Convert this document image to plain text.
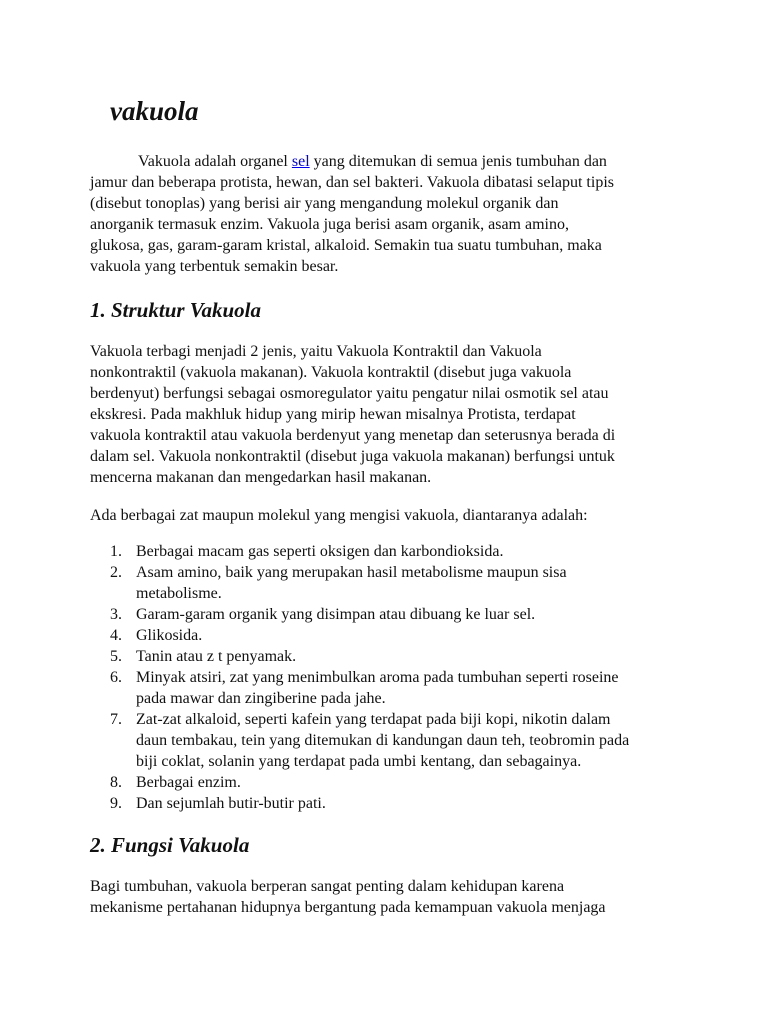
vakuola
Vakuola adalah organel sel yang ditemukan di semua jenis tumbuhan dan
jamur dan beberapa protista, hewan, dan sel bakteri. Vakuola dibatasi selaput tipis
(disebut tonoplas) yang berisi air yang mengandung molekul organik dan
anorganik termasuk enzim. Vakuola juga berisi asam organik, asam amino,
glukosa, gas, garam-garam kristal, alkaloid. Semakin tua suatu tumbuhan, maka
vakuola yang terbentuk semakin besar.
1. Struktur Vakuola
Vakuola terbagi menjadi 2 jenis, yaitu Vakuola Kontraktil dan Vakuola
nonkontraktil (vakuola makanan). Vakuola kontraktil (disebut juga vakuola
berdenyut) berfungsi sebagai osmoregulator yaitu pengatur nilai osmotik sel atau
ekskresi. Pada makhluk hidup yang mirip hewan misalnya Protista, terdapat
vakuola kontraktil atau vakuola berdenyut yang menetap dan seterusnya berada di
dalam sel. Vakuola nonkontraktil (disebut juga vakuola makanan) berfungsi untuk
mencerna makanan dan mengedarkan hasil makanan.

Ada berbagai zat maupun molekul yang mengisi vakuola, diantaranya adalah:

1. Berbagai macam gas seperti oksigen dan karbondioksida.
2. Asam amino, baik yang merupakan hasil metabolisme maupun sisa
metabolisme.
3. Garam-garam organik yang disimpan atau dibuang ke luar sel.
4. Glikosida.
5. Tanin atau z t penyamak.
6. Minyak atsiri, zat yang menimbulkan aroma pada tumbuhan seperti roseine
pada mawar dan zingiberine pada jahe.
7. Zat-zat alkaloid, seperti kafein yang terdapat pada biji kopi, nikotin dalam
daun tembakau, tein yang ditemukan di kandungan daun teh, teobromin pada
biji coklat, solanin yang terdapat pada umbi kentang, dan sebagainya.
8. Berbagai enzim.
9. Dan sejumlah butir-butir pati.
2. Fungsi Vakuola
Bagi tumbuhan, vakuola berperan sangat penting dalam kehidupan karena
mekanisme pertahanan hidupnya bergantung pada kemampuan vakuola menjaga
